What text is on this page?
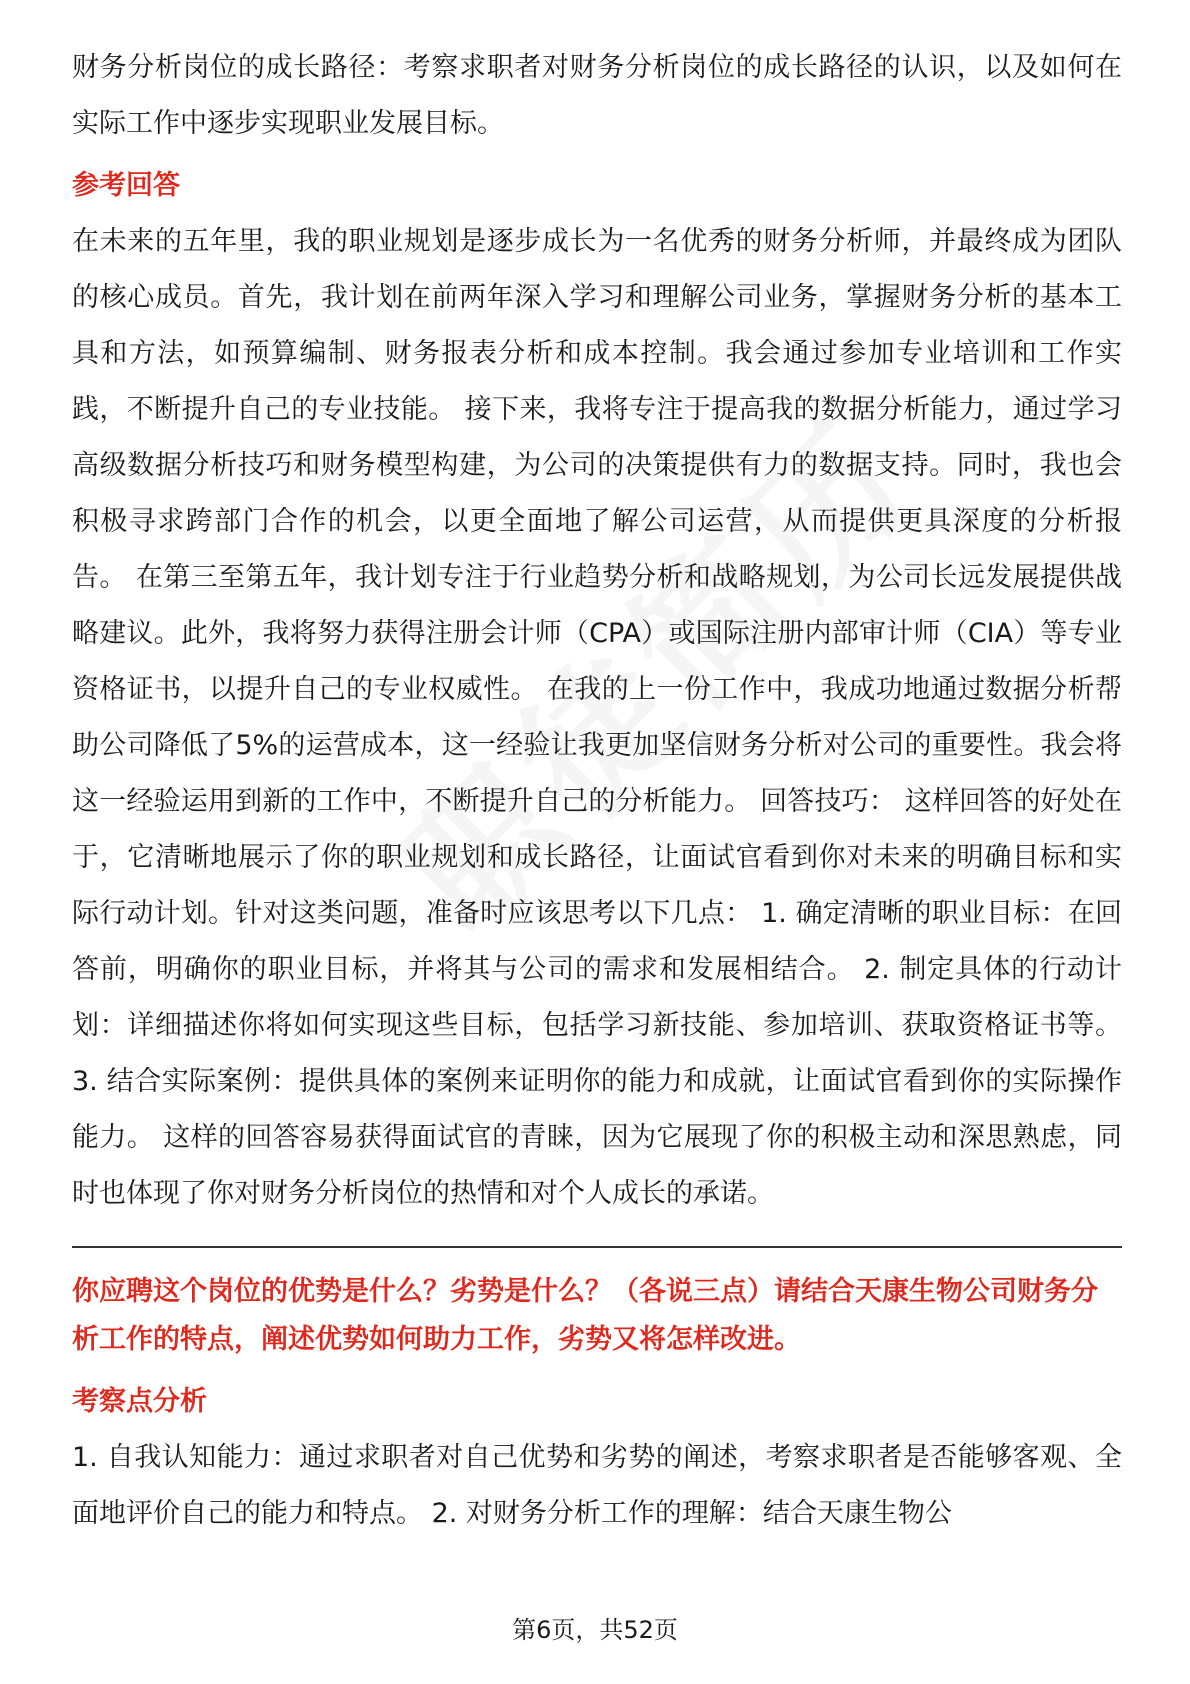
财务分析岗位的成长路径：考察求职者对财务分析岗位的成长路径的认识，以及如何在实际工作中逐步实现职业发展目标。

参考回答

在未来的五年里，我的职业规划是逐步成长为一名优秀的财务分析师，并最终成为团队的核心成员。首先，我计划在前两年深入学习和理解公司业务，掌握财务分析的基本工具和方法，如预算编制、财务报表分析和成本控制。我会通过参加专业培训和工作实践，不断提升自己的专业技能。 接下来，我将专注于提高我的数据分析能力，通过学习高级数据分析技巧和财务模型构建，为公司的决策提供有力的数据支持。同时，我也会积极寻求跨部门合作的机会，以更全面地了解公司运营，从而提供更具深度的分析报告。 在第三至第五年，我计划专注于行业趋势分析和战略规划，为公司长远发展提供战略建议。此外，我将努力获得注册会计师（CPA）或国际注册内部审计师（CIA）等专业资格证书，以提升自己的专业权威性。 在我的上一份工作中，我成功地通过数据分析帮助公司降低了5%的运营成本，这一经验让我更加坚信财务分析对公司的重要性。我会将这一经验运用到新的工作中，不断提升自己的分析能力。 回答技巧： 这样回答的好处在于，它清晰地展示了你的职业规划和成长路径，让面试官看到你对未来的明确目标和实际行动计划。针对这类问题，准备时应该思考以下几点： 1. 确定清晰的职业目标：在回答前，明确你的职业目标，并将其与公司的需求和发展相结合。 2. 制定具体的行动计划：详细描述你将如何实现这些目标，包括学习新技能、参加培训、获取资格证书等。 3. 结合实际案例：提供具体的案例来证明你的能力和成就，让面试官看到你的实际操作能力。 这样的回答容易获得面试官的青睐，因为它展现了你的积极主动和深思熟虑，同时也体现了你对财务分析岗位的热情和对个人成长的承诺。

你应聘这个岗位的优势是什么？劣势是什么？（各说三点）请结合天康生物公司财务分析工作的特点，阐述优势如何助力工作，劣势又将怎样改进。

考察点分析

1. 自我认知能力：通过求职者对自己优势和劣势的阐述，考察求职者是否能够客观、全面地评价自己的能力和特点。 2. 对财务分析工作的理解：结合天康生物公

第6页，共52页
